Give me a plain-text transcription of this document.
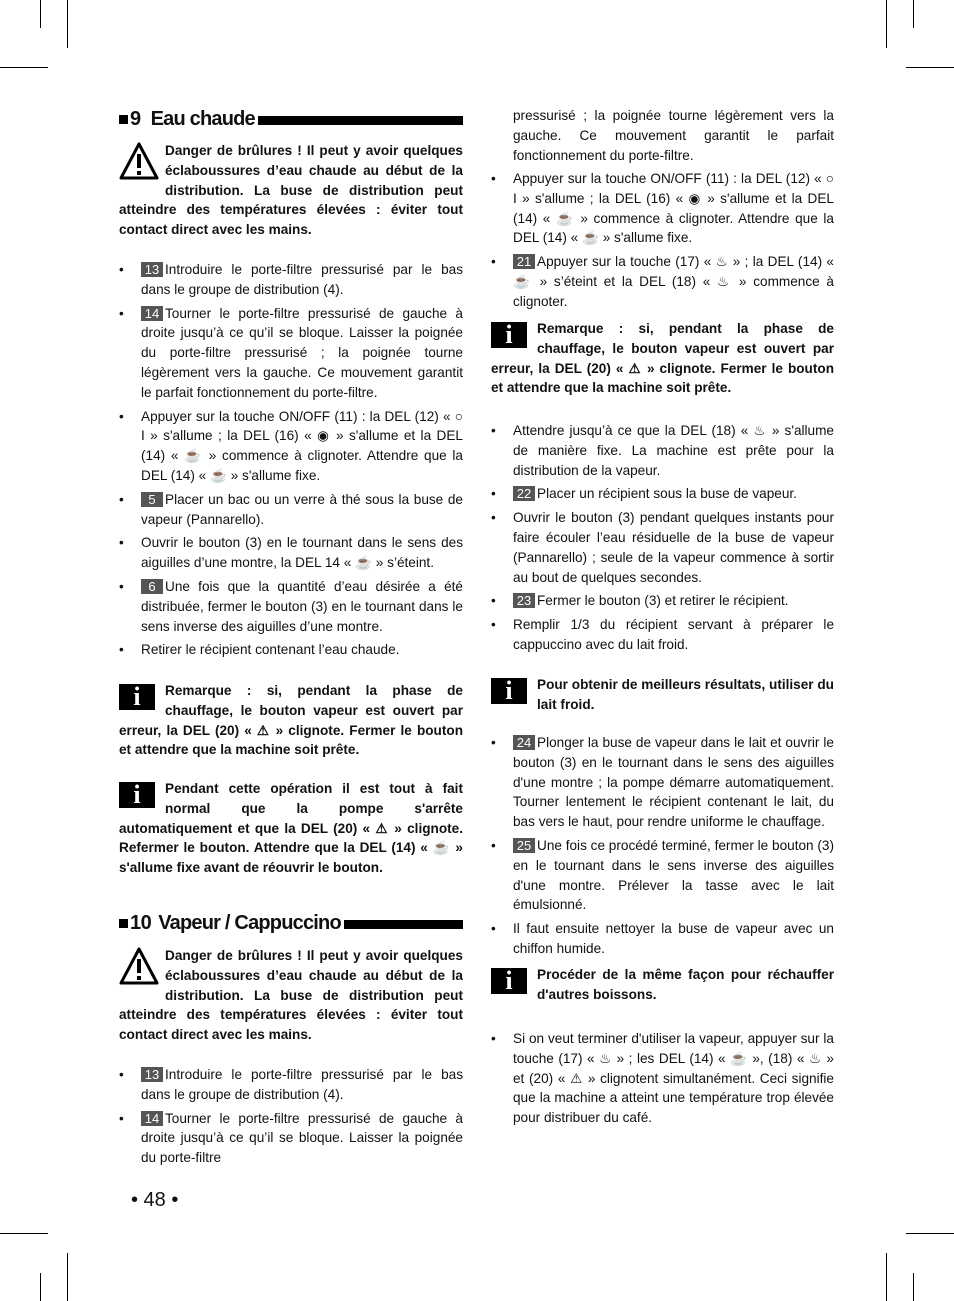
9 Eau chaude
Danger de brûlures ! Il peut y avoir quelques éclaboussures d’eau chaude au début de la distribution. La buse de distribution peut atteindre des températures élevées : éviter tout contact direct avec les mains.
• 13 Introduire le porte-filtre pressurisé par le bas dans le groupe de distribution (4).
• 14 Tourner le porte-filtre pressurisé de gauche à droite jusqu’à ce qu’il se bloque. Laisser la poignée du porte-filtre pressurisé ; la poignée tourne légèrement vers la gauche. Ce mouvement garantit le parfait fonctionnement du porte-filtre.
• Appuyer sur la touche ON/OFF (11) : la DEL (12) « ○ I » s'allume ; la DEL (16) « ◉ » s'allume et la DEL (14) « ☕ » commence à clignoter. Attendre que la DEL (14) « ☕ » s'allume fixe.
• 5 Placer un bac ou un verre à thé sous la buse de vapeur (Pannarello).
• Ouvrir le bouton (3) en le tournant dans le sens des aiguilles d’une montre, la DEL 14 « ☕ » s’éteint.
• 6 Une fois que la quantité d’eau désirée a été distribuée, fermer le bouton (3) en le tournant dans le sens inverse des aiguilles d’une montre.
• Retirer le récipient contenant l’eau chaude.
i	Remarque : si, pendant la phase de chauffage, le bouton vapeur est ouvert par erreur, la DEL (20) « ⚠ » clignote. Fermer le bouton et attendre que la machine soit prête.
i	Pendant cette opération il est tout à fait normal que la pompe s'arrête automatiquement et que la DEL (20) « ⚠ » clignote. Refermer le bouton. Attendre que la DEL (14) « ☕ » s'allume fixe avant de réouvrir le bouton.
10 Vapeur / Cappuccino
Danger de brûlures ! Il peut y avoir quelques éclaboussures d’eau chaude au début de la distribution. La buse de distribution peut atteindre des températures élevées : éviter tout contact direct avec les mains.
• 13 Introduire le porte-filtre pressurisé par le bas dans le groupe de distribution (4).
• 14 Tourner le porte-filtre pressurisé de gauche à droite jusqu’à ce qu’il se bloque. Laisser la poignée du porte-filtre
pressurisé ; la poignée tourne légèrement vers la gauche. Ce mouvement garantit le parfait fonctionnement du porte-filtre.
• Appuyer sur la touche ON/OFF (11) : la DEL (12) « ○ I » s'allume ; la DEL (16) « ◉ » s'allume et la DEL (14) « ☕ » commence à clignoter. Attendre que la DEL (14) « ☕ » s'allume fixe.
• 21 Appuyer sur la touche (17) « ♨ » ; la DEL (14) « ☕ » s’éteint et la DEL (18) « ♨ » commence à clignoter.
i	Remarque : si, pendant la phase de chauffage, le bouton vapeur est ouvert par erreur, la DEL (20) « ⚠ » clignote. Fermer le bouton et attendre que la machine soit prête.
• Attendre jusqu’à ce que la DEL (18) « ♨ » s'allume de manière fixe. La machine est prête pour la distribution de la vapeur.
• 22 Placer un récipient sous la buse de vapeur.
• Ouvrir le bouton (3) pendant quelques instants pour faire écouler l’eau résiduelle de la buse de vapeur (Pannarello) ; seule de la vapeur commence à sortir au bout de quelques secondes.
• 23 Fermer le bouton (3) et retirer le récipient.
• Remplir 1/3 du récipient servant à préparer le cappuccino avec du lait froid.
i	Pour obtenir de meilleurs résultats, utiliser du lait froid.
• 24 Plonger la buse de vapeur dans le lait et ouvrir le bouton (3) en le tournant dans le sens des aiguilles d'une montre ; la pompe démarre automatiquement. Tourner lentement le récipient contenant le lait, du bas vers le haut, pour rendre uniforme le chauffage.
• 25 Une fois ce procédé terminé, fermer le bouton (3) en le tournant dans le sens inverse des aiguilles d'une montre. Prélever la tasse avec le lait émulsionné.
• Il faut ensuite nettoyer la buse de vapeur avec un chiffon humide.
i	Procéder de la même façon pour réchauffer d'autres boissons.
• Si on veut terminer d'utiliser la vapeur, appuyer sur la touche (17) « ♨ » ; les DEL (14) « ☕ », (18) « ♨ » et (20) « ⚠ » clignotent simultanément. Ceci signifie que la machine a atteint une température trop élevée pour distribuer du café.
• 48 •
